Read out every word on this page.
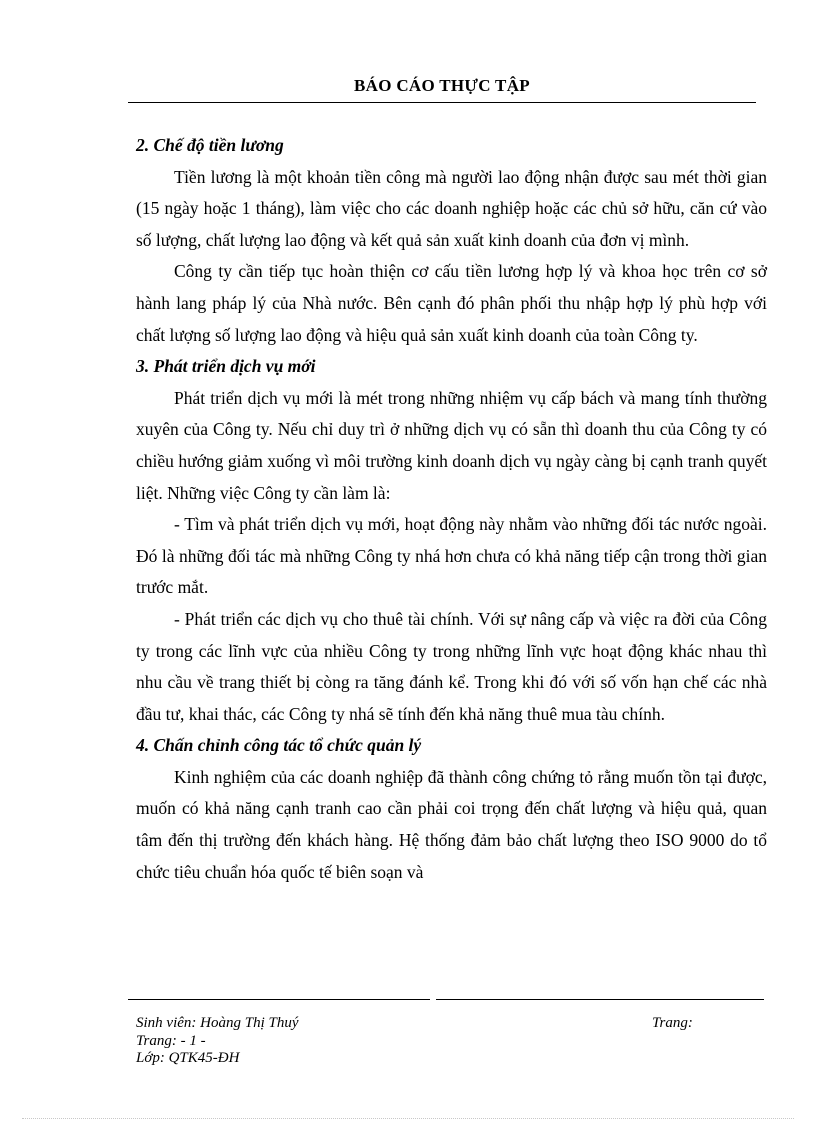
BÁO CÁO THỰC TẬP

2. Chế độ tiền lương

Tiền lương là một khoản tiền công mà người lao động nhận được sau mét thời gian (15 ngày hoặc 1 tháng), làm việc cho các doanh nghiệp hoặc các chủ sở hữu, căn cứ vào số lượng, chất lượng lao động và kết quả sản xuất kinh doanh của đơn vị mình.

Công ty cần tiếp tục hoàn thiện cơ cấu tiền lương hợp lý và khoa học trên cơ sở hành lang pháp lý của Nhà nước. Bên cạnh đó phân phối thu nhập hợp lý phù hợp với chất lượng số lượng lao động và hiệu quả sản xuất kinh doanh của toàn Công ty.

3. Phát triển dịch vụ mới

Phát triển dịch vụ mới là mét trong những nhiệm vụ cấp bách và mang tính thường xuyên của Công ty. Nếu chỉ duy trì ở những dịch vụ có sẵn thì doanh thu của Công ty có chiều hướng giảm xuống vì môi trường kinh doanh dịch vụ ngày càng bị cạnh tranh quyết liệt. Những việc Công ty cần làm là:

- Tìm và phát triển dịch vụ mới, hoạt động này nhằm vào những đối tác nước ngoài. Đó là những đối tác mà những Công ty nhá hơn chưa có khả năng tiếp cận trong thời gian trước mắt.

- Phát triển các dịch vụ cho thuê tài chính. Với sự nâng cấp và việc ra đời của Công ty trong các lĩnh vực của nhiều Công ty trong những lĩnh vực hoạt động khác nhau thì nhu cầu về trang thiết bị còng ra tăng đánh kể. Trong khi đó với số vốn hạn chế các nhà đầu tư, khai thác, các Công ty nhá sẽ tính đến khả năng thuê mua tàu chính.

4. Chấn chỉnh công tác tổ chức quản lý

Kinh nghiệm của các doanh nghiệp đã thành công chứng tỏ rằng muốn tồn tại được, muốn có khả năng cạnh tranh cao cần phải coi trọng đến chất lượng và hiệu quả, quan tâm đến thị trường đến khách hàng. Hệ thống đảm bảo chất lượng theo ISO 9000 do tổ chức tiêu chuẩn hóa quốc tế biên soạn và

Sinh viên: Hoàng Thị Thuý	Trang:
Trang: - 1 -
Lớp: QTK45-ĐH
